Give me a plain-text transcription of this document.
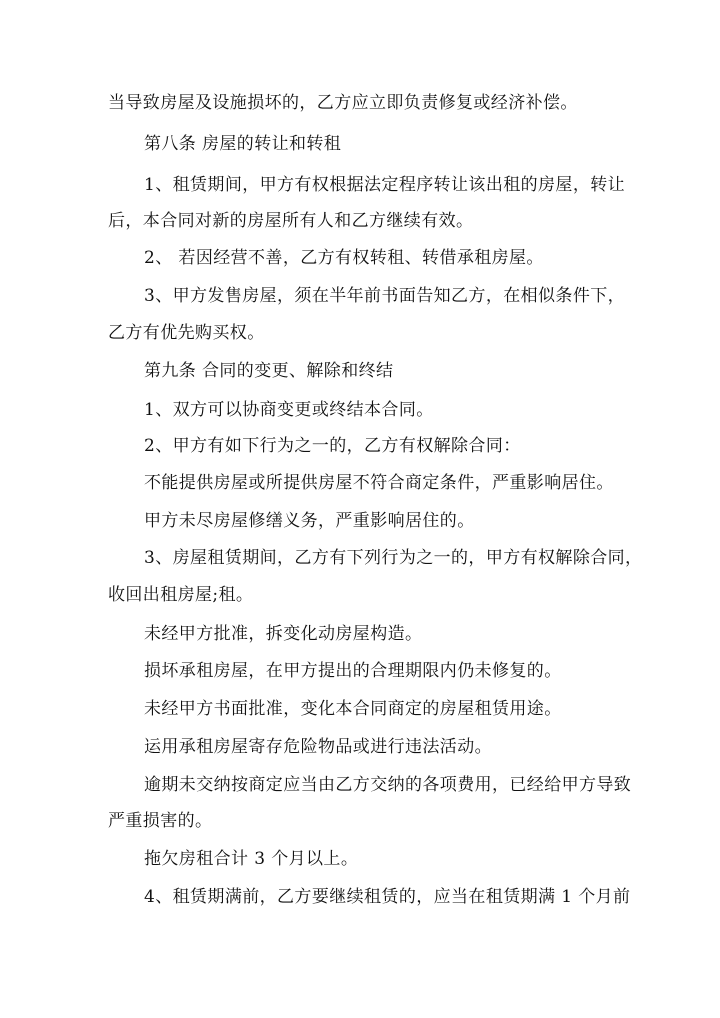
当导致房屋及设施损坏的，乙方应立即负责修复或经济补偿。
第八条 房屋的转让和转租
1、租赁期间，甲方有权根据法定程序转让该出租的房屋，转让
后，本合同对新的房屋所有人和乙方继续有效。
2、 若因经营不善，乙方有权转租、转借承租房屋。
3、甲方发售房屋，须在半年前书面告知乙方，在相似条件下，
乙方有优先购买权。
第九条 合同的变更、解除和终结
1、双方可以协商变更或终结本合同。
2、甲方有如下行为之一的，乙方有权解除合同：
不能提供房屋或所提供房屋不符合商定条件，严重影响居住。
甲方未尽房屋修缮义务，严重影响居住的。
3、房屋租赁期间，乙方有下列行为之一的，甲方有权解除合同，
收回出租房屋;租。
未经甲方批准，拆变化动房屋构造。
损坏承租房屋，在甲方提出的合理期限内仍未修复的。
未经甲方书面批准，变化本合同商定的房屋租赁用途。
运用承租房屋寄存危险物品或进行违法活动。
逾期未交纳按商定应当由乙方交纳的各项费用，已经给甲方导致
严重损害的。
拖欠房租合计 3 个月以上。
4、租赁期满前，乙方要继续租赁的，应当在租赁期满 1 个月前
